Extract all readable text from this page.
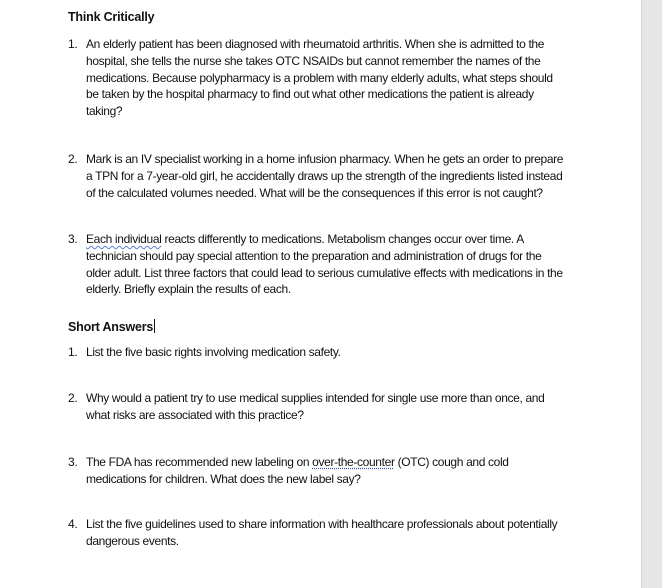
Think Critically
1. An elderly patient has been diagnosed with rheumatoid arthritis. When she is admitted to the hospital, she tells the nurse she takes OTC NSAIDs but cannot remember the names of the medications. Because polypharmacy is a problem with many elderly adults, what steps should be taken by the hospital pharmacy to find out what other medications the patient is already taking?
2. Mark is an IV specialist working in a home infusion pharmacy. When he gets an order to prepare a TPN for a 7-year-old girl, he accidentally draws up the strength of the ingredients listed instead of the calculated volumes needed. What will be the consequences if this error is not caught?
3. Each individual reacts differently to medications. Metabolism changes occur over time. A technician should pay special attention to the preparation and administration of drugs for the older adult. List three factors that could lead to serious cumulative effects with medications in the elderly. Briefly explain the results of each.
Short Answers
1. List the five basic rights involving medication safety.
2. Why would a patient try to use medical supplies intended for single use more than once, and what risks are associated with this practice?
3. The FDA has recommended new labeling on over-the-counter (OTC) cough and cold medications for children. What does the new label say?
4. List the five guidelines used to share information with healthcare professionals about potentially dangerous events.
